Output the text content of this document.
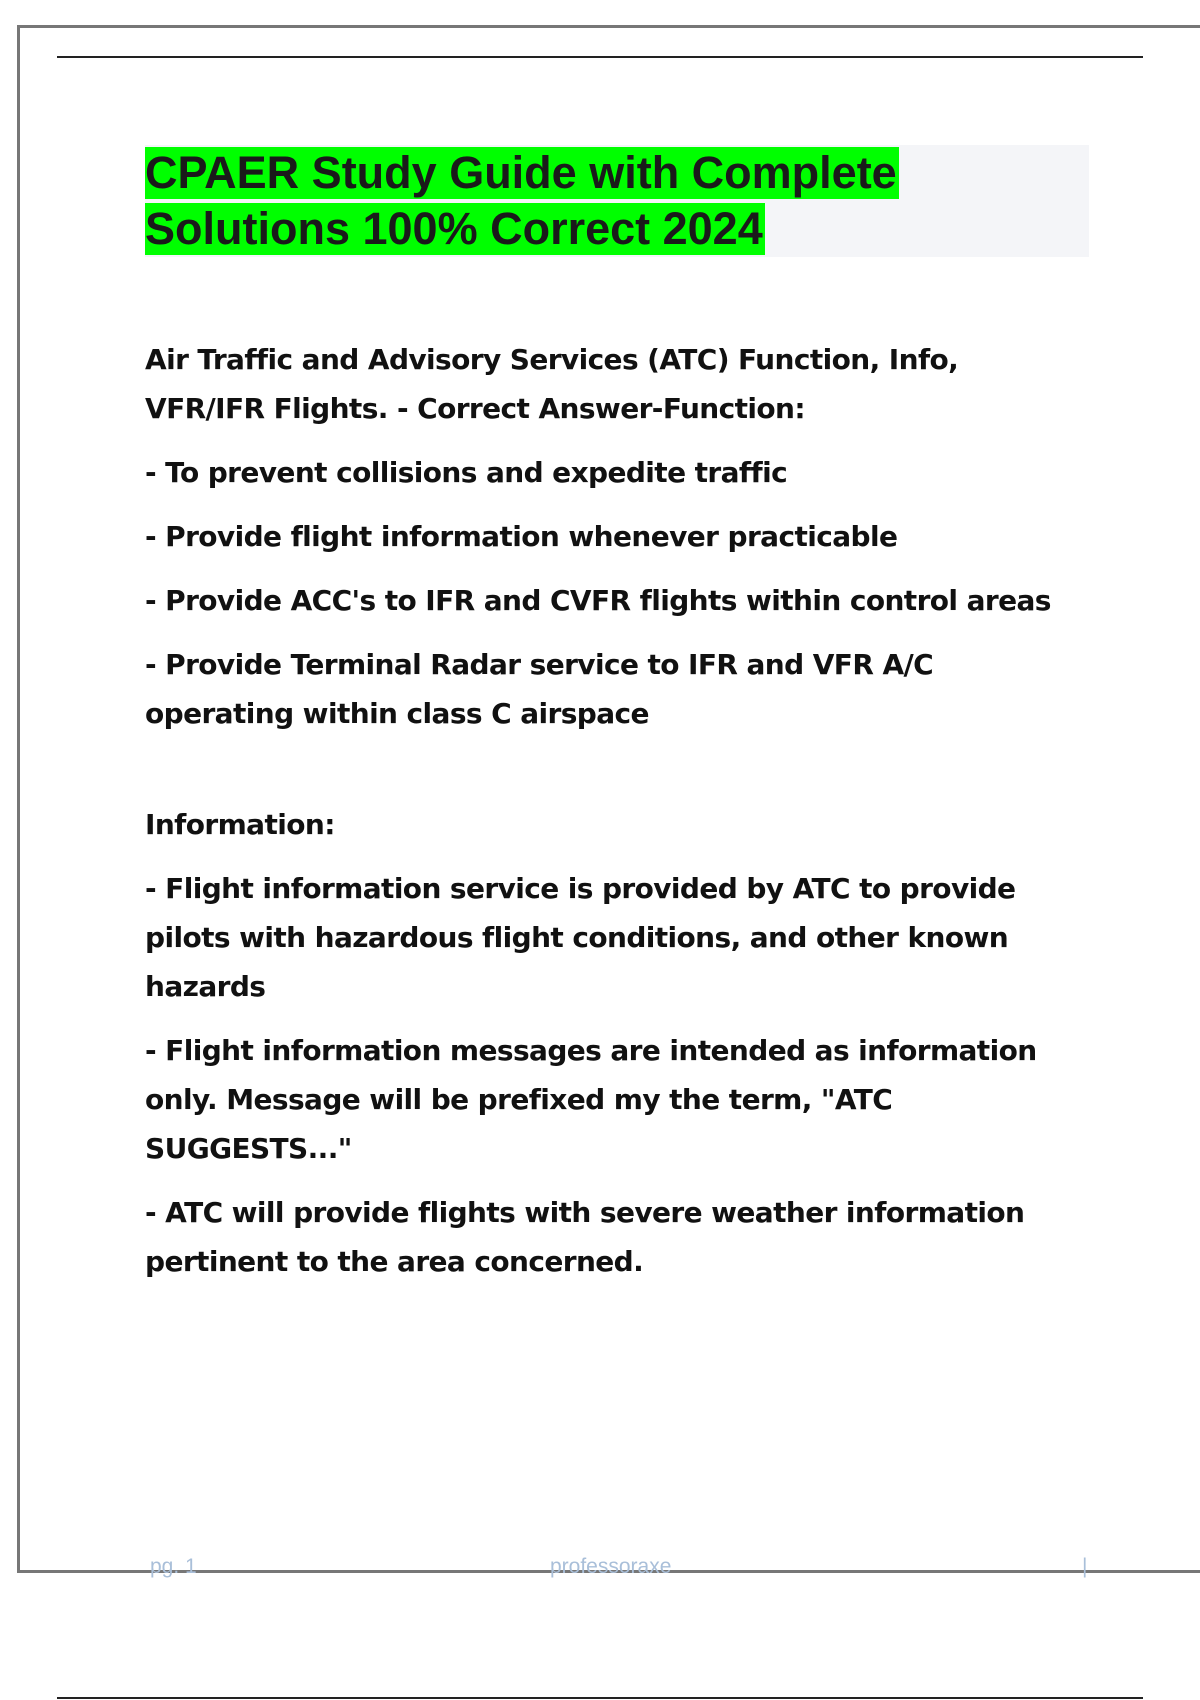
CPAER Study Guide with Complete
Solutions 100% Correct 2024

Air Traffic and Advisory Services (ATC) Function, Info, VFR/IFR Flights. - Correct Answer-Function:

- To prevent collisions and expedite traffic

- Provide flight information whenever practicable

- Provide ACC's to IFR and CVFR flights within control areas

- Provide Terminal Radar service to IFR and VFR A/C operating within class C airspace

Information:

- Flight information service is provided by ATC to provide pilots with hazardous flight conditions, and other known hazards

- Flight information messages are intended as information only. Message will be prefixed my the term, "ATC SUGGESTS..."

- ATC will provide flights with severe weather information pertinent to the area concerned.

pg. 1	professoraxe	|
